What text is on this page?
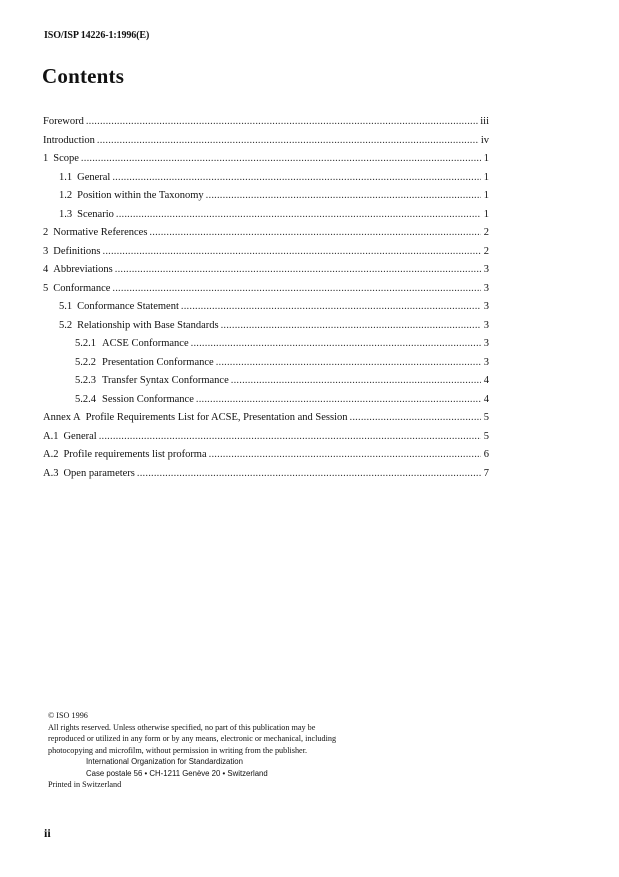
ISO/ISP 14226-1:1996(E)
Contents
Foreword .....	iii
Introduction .....	iv
1 Scope .....	1
1.1 General .....	1
1.2 Position within the Taxonomy .....	1
1.3 Scenario .....	1
2 Normative References .....	2
3 Definitions .....	2
4 Abbreviations .....	3
5 Conformance .....	3
5.1 Conformance Statement .....	3
5.2 Relationship with Base Standards .....	3
5.2.1 ACSE Conformance .....	3
5.2.2 Presentation Conformance .....	3
5.2.3 Transfer Syntax Conformance .....	4
5.2.4 Session Conformance .....	4
Annex A Profile Requirements List for ACSE, Presentation and Session .....	5
A.1 General .....	5
A.2 Profile requirements list proforma .....	6
A.3 Open parameters .....	7

© ISO 1996

All rights reserved. Unless otherwise specified, no part of this publication may be

reproduced or utilized in any form or by any means, electronic or mechanical, including

photocopying and microfilm, without permission in writing from the publisher.

International Organization for Standardization

Case postale 56 • CH-1211 Genève 20 • Switzerland

Printed in Switzerland

ii
